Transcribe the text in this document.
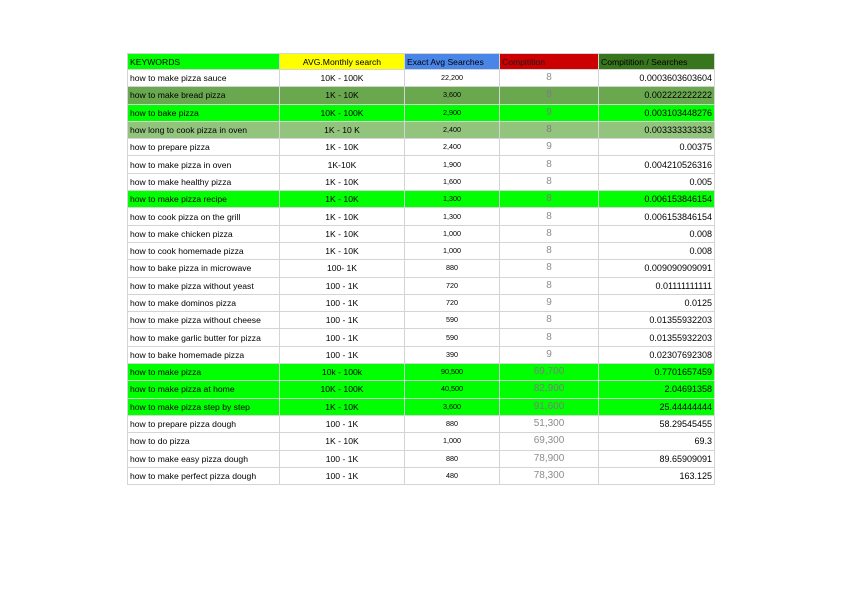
KEYWORDS	AVG.Monthly search	Exact Avg Searches	Compitition	Compitition / Searches
how to make pizza sauce	10K - 100K	22,200	8	0.0003603603604
how to make bread pizza	1K - 10K	3,600	8	0.002222222222
how to bake pizza	10K - 100K	2,900	9	0.003103448276
how long to cook pizza in oven	1K - 10 K	2,400	8	0.003333333333
how to prepare pizza	1K - 10K	2,400	9	0.00375
how to make pizza in oven	1K-10K	1,900	8	0.004210526316
how to make healthy pizza	1K - 10K	1,600	8	0.005
how to make pizza recipe	1K - 10K	1,300	8	0.006153846154
how to cook pizza on the grill	1K - 10K	1,300	8	0.006153846154
how to make chicken pizza	1K - 10K	1,000	8	0.008
how to cook homemade pizza	1K - 10K	1,000	8	0.008
how to bake pizza in microwave	100- 1K	880	8	0.009090909091
how to make pizza without yeast	100 - 1K	720	8	0.01111111111
how to make dominos pizza	100 - 1K	720	9	0.0125
how to make pizza without cheese	100 - 1K	590	8	0.01355932203
how to make garlic butter for pizza	100 - 1K	590	8	0.01355932203
how to bake homemade pizza	100 - 1K	390	9	0.02307692308
how to make pizza	10k - 100k	90,500	69,700	0.7701657459
how to make pizza at home	10K - 100K	40,500	82,900	2.04691358
how to make pizza step by step	1K - 10K	3,600	91,600	25.44444444
how to prepare pizza dough	100 - 1K	880	51,300	58.29545455
how to do pizza	1K - 10K	1,000	69,300	69.3
how to make easy pizza dough	100 - 1K	880	78,900	89.65909091
how to make perfect pizza dough	100 - 1K	480	78,300	163.125
